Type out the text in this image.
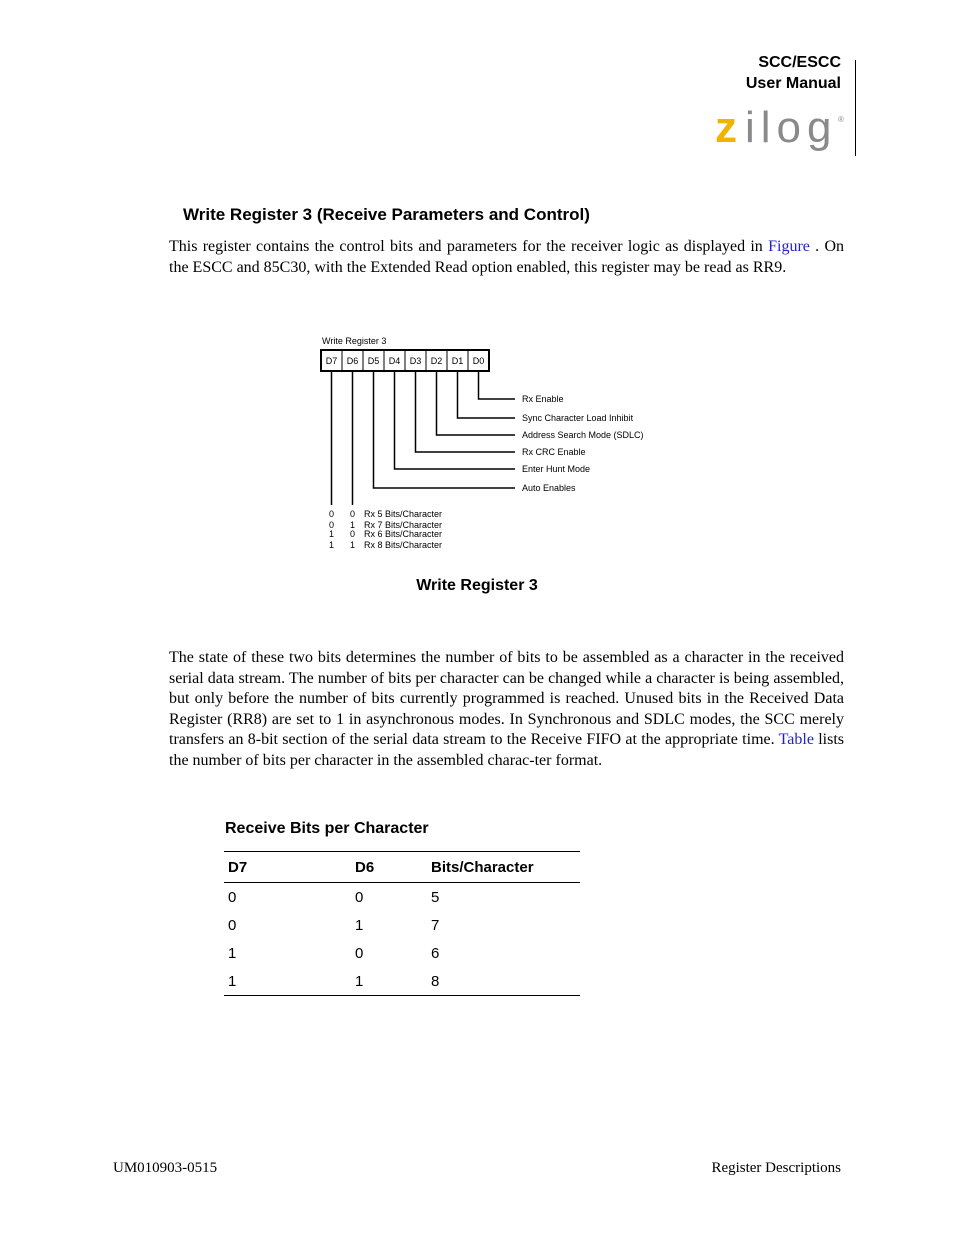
SCC/ESCC
User Manual
z ilog ®
Write Register 3 (Receive Parameters and Control)
This register contains the control bits and parameters for the receiver logic as displayed in Figure . On the ESCC and 85C30, with the Extended Read option enabled, this register may be read as RR9.
Write Register 3
D7 D6 D5 D4 D3 D2 D1 D0
Rx Enable
Sync Character Load Inhibit
Address Search Mode (SDLC)
Rx CRC Enable
Enter Hunt Mode
Auto Enables
0 0 Rx 5 Bits/Character
0 1 Rx 7 Bits/Character
1 0 Rx 6 Bits/Character
1 1 Rx 8 Bits/Character
Write Register 3
The state of these two bits determines the number of bits to be assembled as a character in the received serial data stream. The number of bits per character can be changed while a character is being assembled, but only before the number of bits currently programmed is reached. Unused bits in the Received Data Register (RR8) are set to 1 in asynchronous modes. In Synchronous and SDLC modes, the SCC merely transfers an 8-bit section of the serial data stream to the Receive FIFO at the appropriate time. Table lists the number of bits per character in the assembled charac-ter format.
Receive Bits per Character
D7	D6	Bits/Character
0	0	5
0	1	7
1	0	6
1	1	8
UM010903-0515	Register Descriptions
